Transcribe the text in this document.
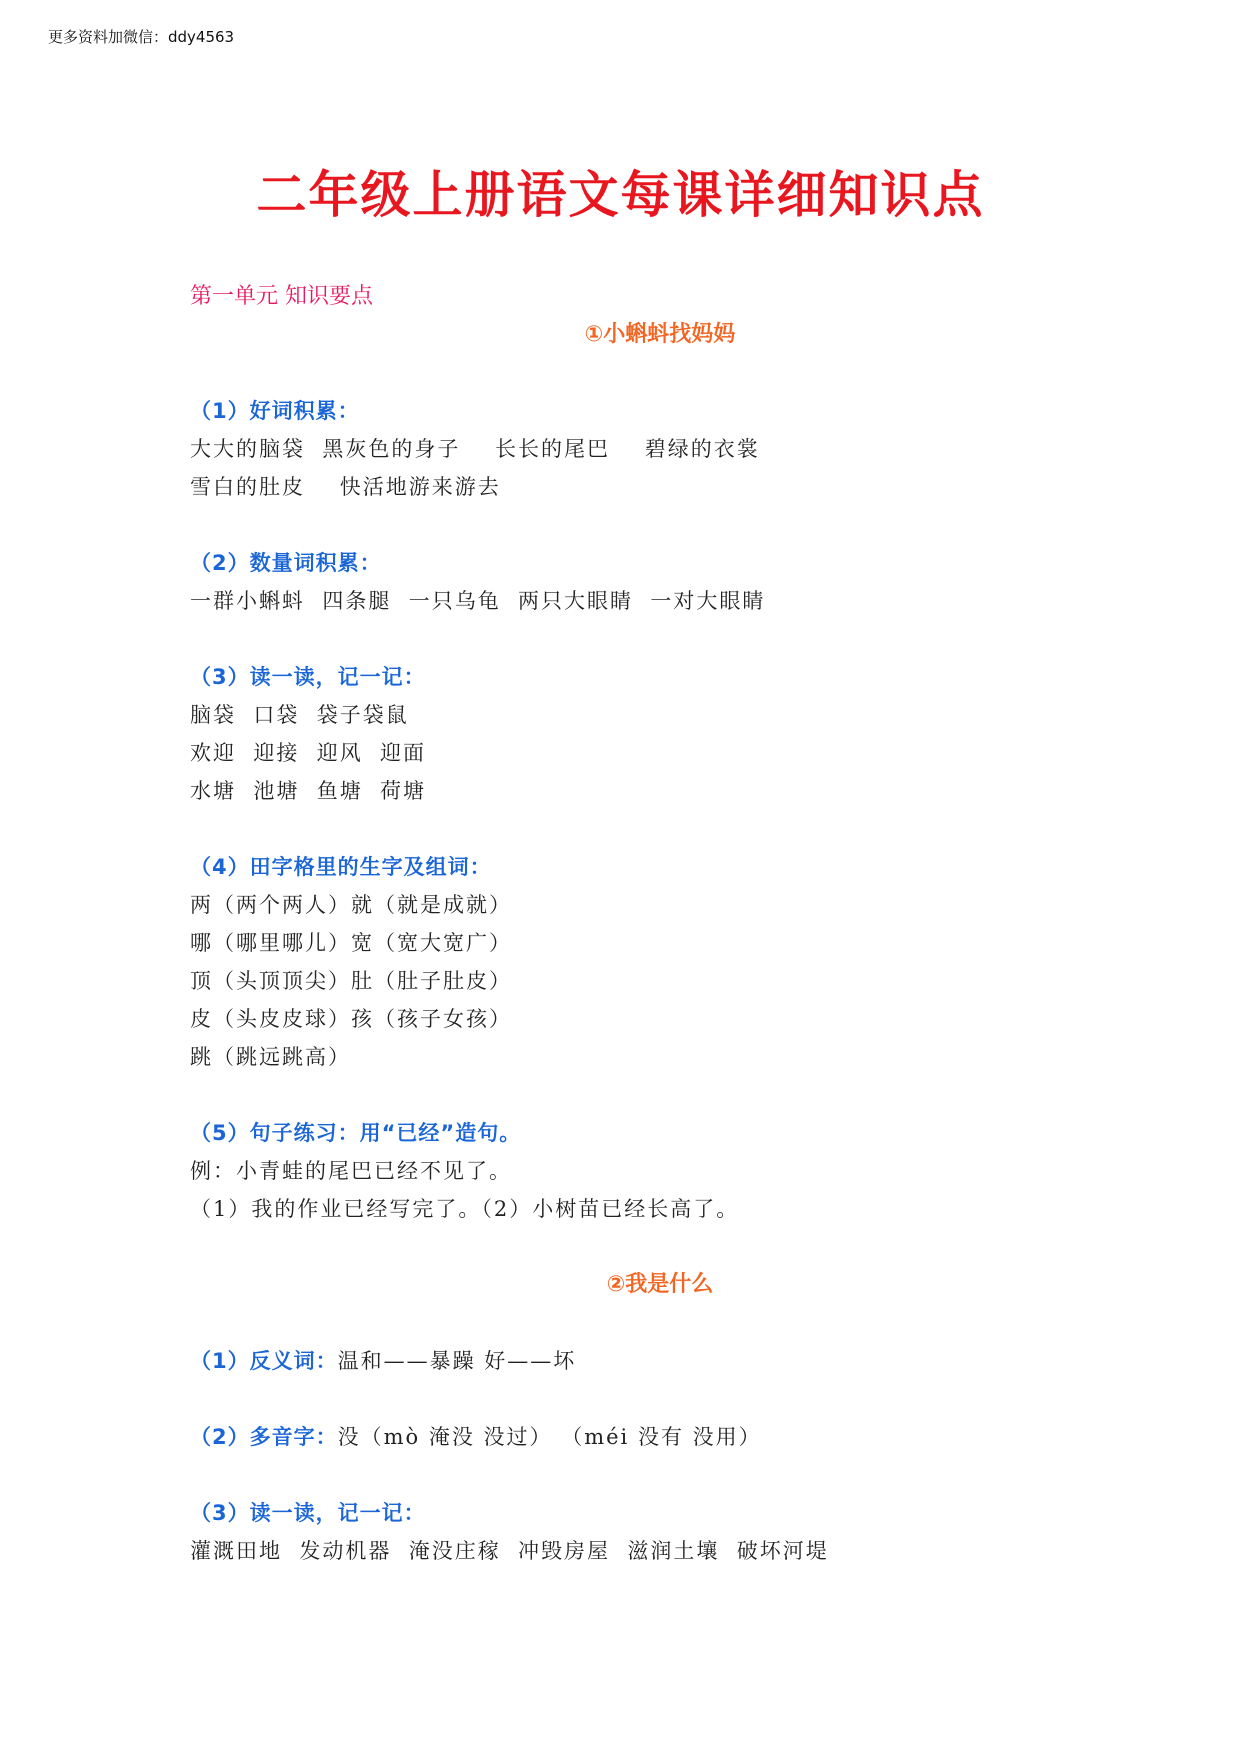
更多资料加微信：ddy4563
二年级上册语文每课详细知识点
第一单元 知识要点
①小蝌蚪找妈妈
（1）好词积累：
大大的脑袋  黑灰色的身子    长长的尾巴    碧绿的衣裳
雪白的肚皮    快活地游来游去
（2）数量词积累：
一群小蝌蚪  四条腿  一只乌龟  两只大眼睛  一对大眼睛
（3）读一读，记一记：
脑袋  口袋  袋子袋鼠
欢迎  迎接  迎风  迎面
水塘  池塘  鱼塘  荷塘
（4）田字格里的生字及组词：
两（两个两人）就（就是成就）
哪（哪里哪儿）宽（宽大宽广）
顶（头顶顶尖）肚（肚子肚皮）
皮（头皮皮球）孩（孩子女孩）
跳（跳远跳高）
（5）句子练习：用“已经”造句。
例：小青蛙的尾巴已经不见了。
（1）我的作业已经写完了。（2）小树苗已经长高了。
②我是什么
（1）反义词：温和——暴躁 好——坏
（2）多音字：没（mò 淹没 没过） （méi 没有 没用）
（3）读一读，记一记：
灌溉田地  发动机器  淹没庄稼  冲毁房屋  滋润土壤  破坏河堤
